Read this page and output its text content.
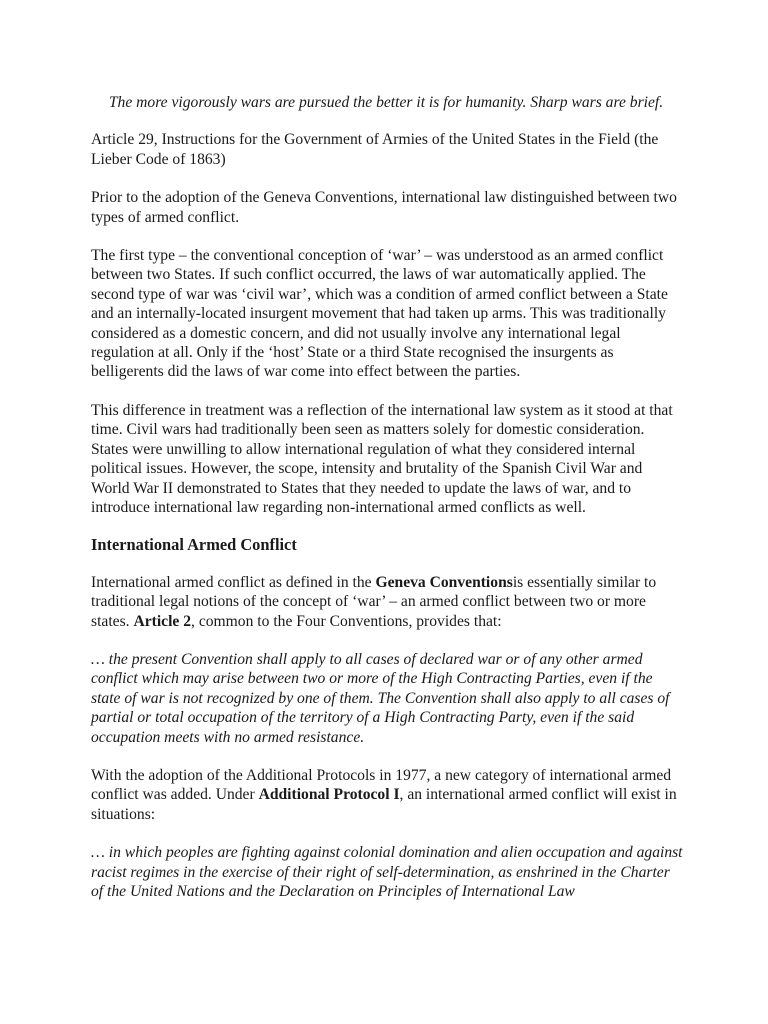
The more vigorously wars are pursued the better it is for humanity. Sharp wars are brief.

Article 29, Instructions for the Government of Armies of the United States in the Field (the Lieber Code of 1863)

Prior to the adoption of the Geneva Conventions, international law distinguished between two types of armed conflict.

The first type – the conventional conception of ‘war’ – was understood as an armed conflict between two States. If such conflict occurred, the laws of war automatically applied. The second type of war was ‘civil war’, which was a condition of armed conflict between a State and an internally-located insurgent movement that had taken up arms. This was traditionally considered as a domestic concern, and did not usually involve any international legal regulation at all. Only if the ‘host’ State or a third State recognised the insurgents as belligerents did the laws of war come into effect between the parties.

This difference in treatment was a reflection of the international law system as it stood at that time. Civil wars had traditionally been seen as matters solely for domestic consideration. States were unwilling to allow international regulation of what they considered internal political issues. However, the scope, intensity and brutality of the Spanish Civil War and World War II demonstrated to States that they needed to update the laws of war, and to introduce international law regarding non-international armed conflicts as well.

International Armed Conflict

International armed conflict as defined in the Geneva Conventionsis essentially similar to traditional legal notions of the concept of ‘war’ – an armed conflict between two or more states. Article 2, common to the Four Conventions, provides that:

… the present Convention shall apply to all cases of declared war or of any other armed conflict which may arise between two or more of the High Contracting Parties, even if the state of war is not recognized by one of them. The Convention shall also apply to all cases of partial or total occupation of the territory of a High Contracting Party, even if the said occupation meets with no armed resistance.

With the adoption of the Additional Protocols in 1977, a new category of international armed conflict was added. Under Additional Protocol I, an international armed conflict will exist in situations:

… in which peoples are fighting against colonial domination and alien occupation and against racist regimes in the exercise of their right of self-determination, as enshrined in the Charter of the United Nations and the Declaration on Principles of International Law
